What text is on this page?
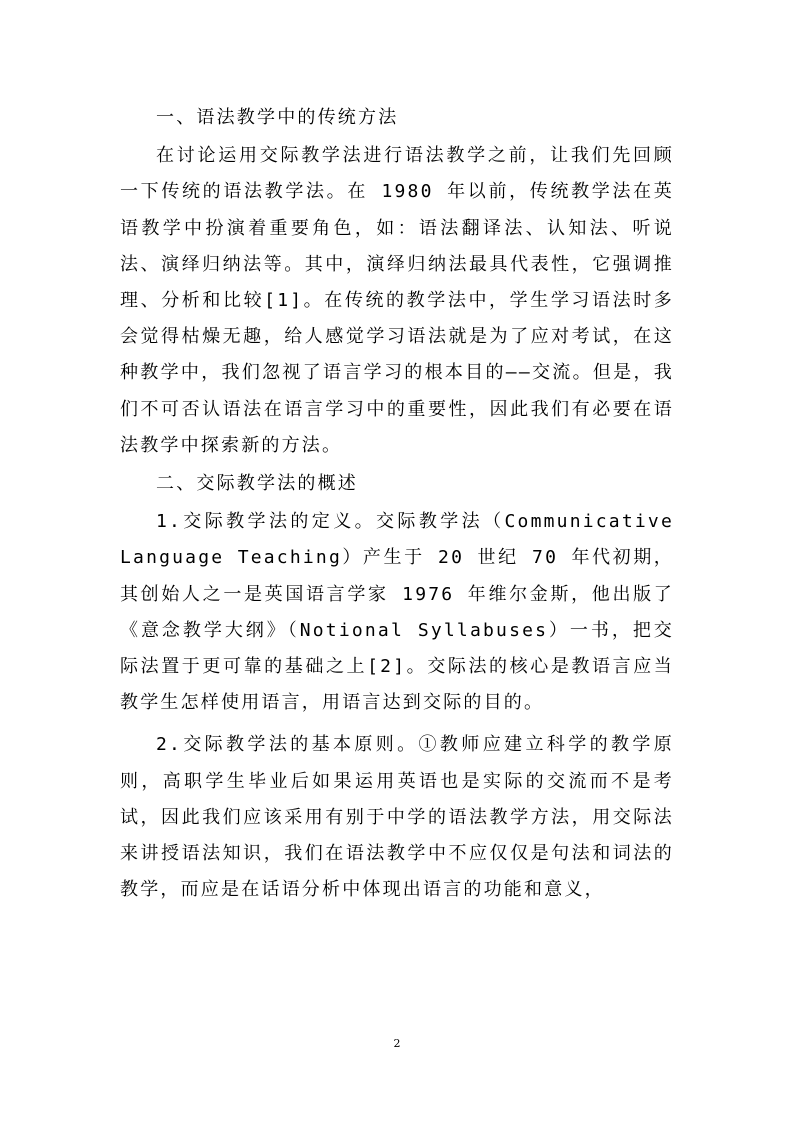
一、语法教学中的传统方法

在讨论运用交际教学法进行语法教学之前，让我们先回顾一下传统的语法教学法。在 1980 年以前，传统教学法在英语教学中扮演着重要角色，如：语法翻译法、认知法、听说法、演绎归纳法等。其中，演绎归纳法最具代表性，它强调推理、分析和比较[1]。在传统的教学法中，学生学习语法时多会觉得枯燥无趣，给人感觉学习语法就是为了应对考试，在这种教学中，我们忽视了语言学习的根本目的——交流。但是，我们不可否认语法在语言学习中的重要性，因此我们有必要在语法教学中探索新的方法。

二、交际教学法的概述

1.交际教学法的定义。交际教学法（Communicative Language Teaching）产生于 20 世纪 70 年代初期，其创始人之一是英国语言学家 1976 年维尔金斯，他出版了《意念教学大纲》（Notional Syllabuses）一书，把交际法置于更可靠的基础之上[2]。交际法的核心是教语言应当教学生怎样使用语言，用语言达到交际的目的。

2.交际教学法的基本原则。①教师应建立科学的教学原则，高职学生毕业后如果运用英语也是实际的交流而不是考试，因此我们应该采用有别于中学的语法教学方法，用交际法来讲授语法知识，我们在语法教学中不应仅仅是句法和词法的教学，而应是在话语分析中体现出语言的功能和意义，

2
